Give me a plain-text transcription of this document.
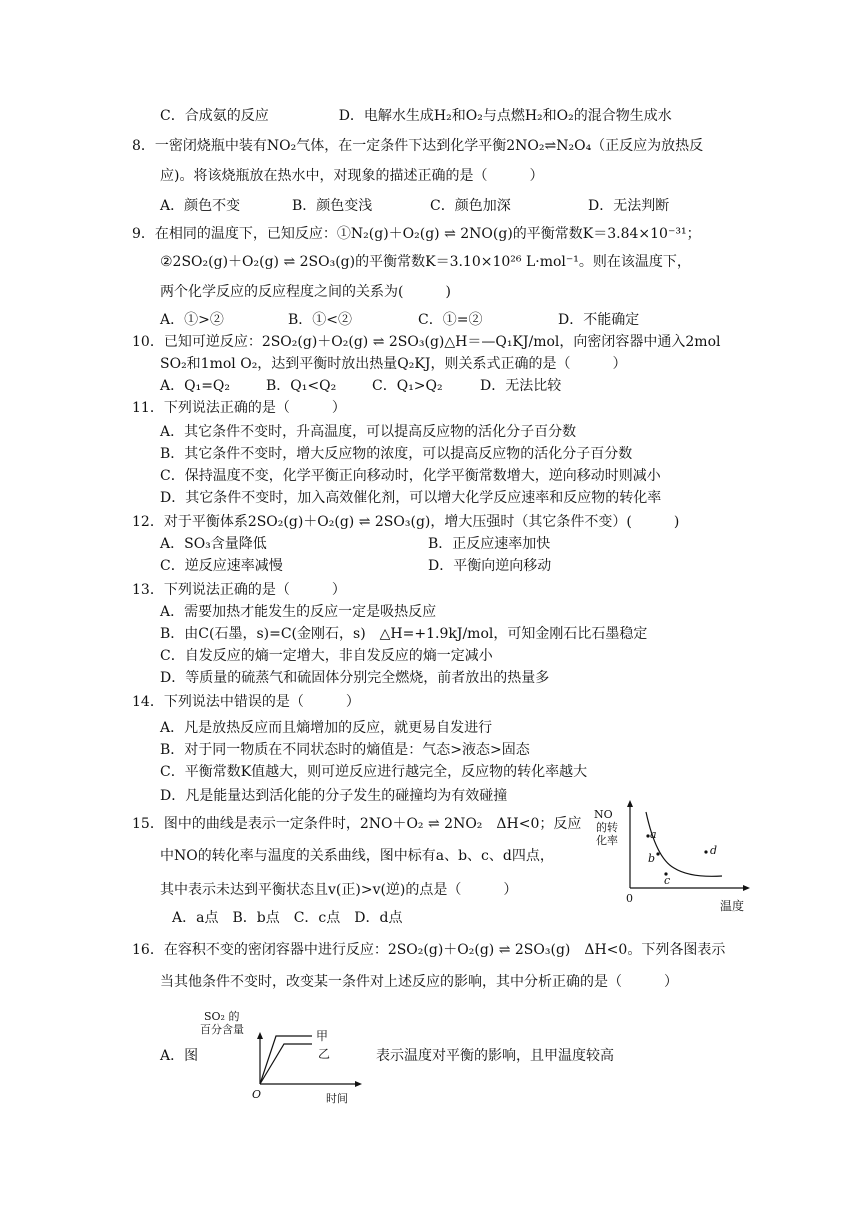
C．合成氨的反应　　　　　D．电解水生成H₂和O₂与点燃H₂和O₂的混合物生成水
8．一密闭烧瓶中装有NO₂气体，在一定条件下达到化学平衡2NO₂⇌N₂O₄（正反应为放热反
应)。将该烧瓶放在热水中，对现象的描述正确的是（　　　）
A．颜色不变	B．颜色变浅	C．颜色加深	D．无法判断
9．在相同的温度下，已知反应：①N₂(g)＋O₂(g) ⇌ 2NO(g)的平衡常数K＝3.84×10⁻³¹；
②2SO₂(g)＋O₂(g) ⇌ 2SO₃(g)的平衡常数K＝3.10×10²⁶ L·mol⁻¹。则在该温度下，
两个化学反应的反应程度之间的关系为(　　　)
A．①>②	B．①<②	C．①=②	D．不能确定
10．已知可逆反应：2SO₂(g)＋O₂(g) ⇌ 2SO₃(g)△H＝—Q₁KJ/mol，向密闭容器中通入2mol
SO₂和1mol O₂，达到平衡时放出热量Q₂KJ，则关系式正确的是（　　　）
A．Q₁=Q₂	B．Q₁<Q₂	C．Q₁>Q₂	D．无法比较
11．下列说法正确的是（　　　）
A．其它条件不变时，升高温度，可以提高反应物的活化分子百分数
B．其它条件不变时，增大反应物的浓度，可以提高反应物的活化分子百分数
C．保持温度不变，化学平衡正向移动时，化学平衡常数增大，逆向移动时则减小
D．其它条件不变时，加入高效催化剂，可以增大化学反应速率和反应物的转化率
12．对于平衡体系2SO₂(g)＋O₂(g) ⇌ 2SO₃(g)，增大压强时（其它条件不变）(　　　)
A．SO₃含量降低	B．正反应速率加快
C．逆反应速率减慢	D．平衡向逆向移动
13．下列说法正确的是（　　　）
A．需要加热才能发生的反应一定是吸热反应
B．由C(石墨，s)=C(金刚石，s)　△H=+1.9kJ/mol，可知金刚石比石墨稳定
C．自发反应的熵一定增大，非自发反应的熵一定减小
D．等质量的硫蒸气和硫固体分别完全燃烧，前者放出的热量多
14．下列说法中错误的是（　　　）
A．凡是放热反应而且熵增加的反应，就更易自发进行
B．对于同一物质在不同状态时的熵值是：气态>液态>固态
C．平衡常数K值越大，则可逆反应进行越完全，反应物的转化率越大
D．凡是能量达到活化能的分子发生的碰撞均为有效碰撞
15．图中的曲线是表示一定条件时，2NO＋O₂ ⇌ 2NO₂　ΔH<0；反应
中NO的转化率与温度的关系曲线，图中标有a、b、c、d四点，
其中表示未达到平衡状态且v(正)>v(逆)的点是（　　　）
A．a点　B．b点　C．c点　D．d点
NO
的转
化率
0
温度
a
b
c
d
16．在容积不变的密闭容器中进行反应：2SO₂(g)＋O₂(g) ⇌ 2SO₃(g)　ΔH<0。下列各图表示
当其他条件不变时，改变某一条件对上述反应的影响，其中分析正确的是（　　　）
A．图	表示温度对平衡的影响，且甲温度较高
SO₂ 的
百分含量	甲
乙
O	时间
